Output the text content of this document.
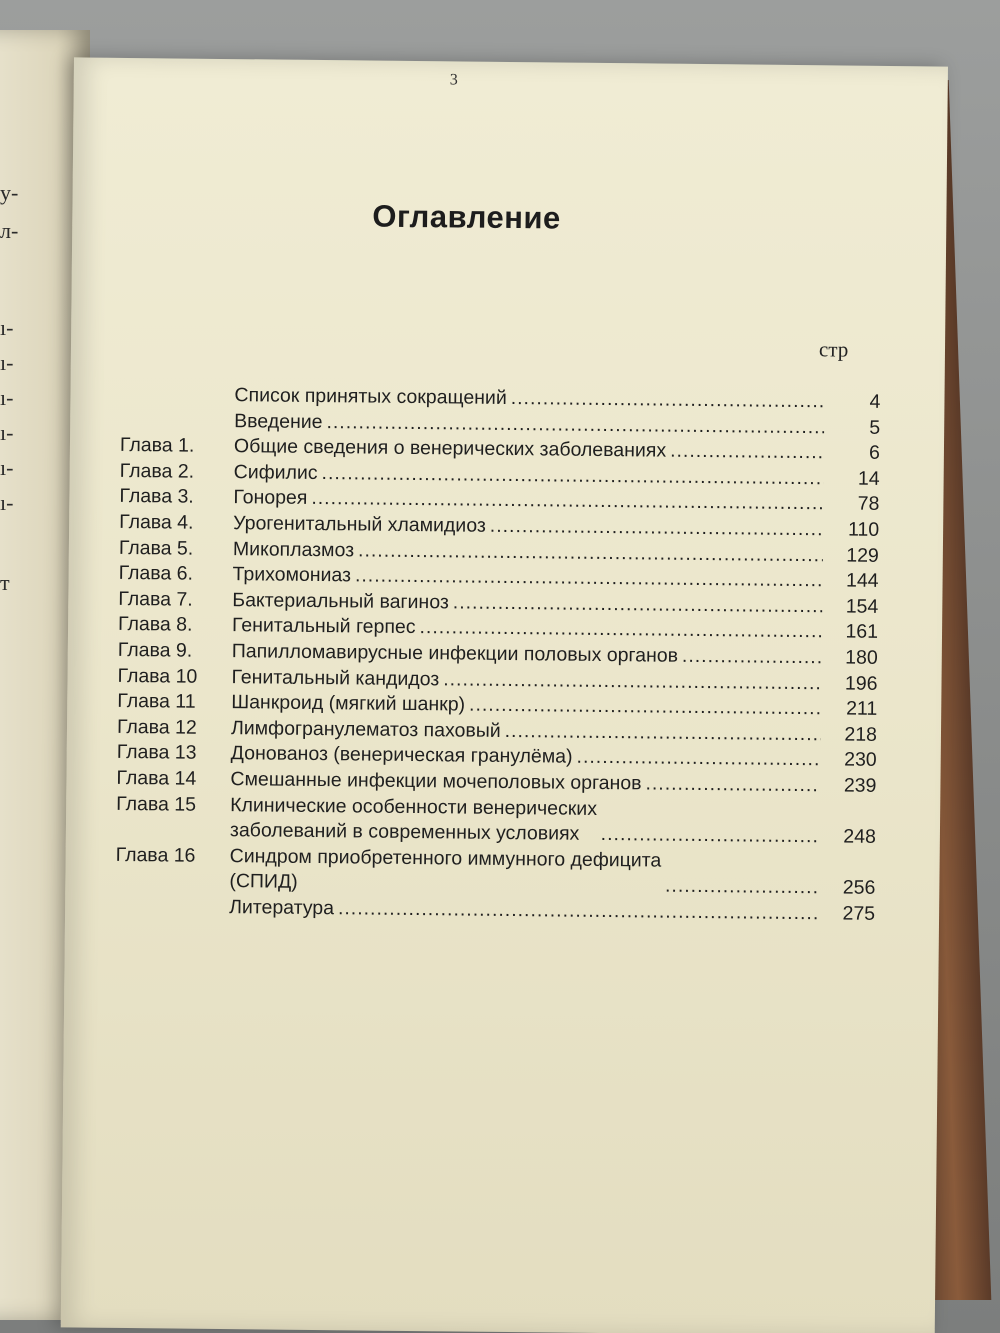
у-
л-
ı-
ı-
ı-
ı-
ı-
ı-
т
3
Оглавление
стр
Список принятых сокращений .....	4
Введение .....	5
Глава 1.	Общие сведения о венерических заболеваниях .....	6
Глава 2.	Сифилис .....	14
Глава 3.	Гонорея .....	78
Глава 4.	Урогенитальный хламидиоз .....	110
Глава 5.	Микоплазмоз .....	129
Глава 6.	Трихомониаз .....	144
Глава 7.	Бактериальный вагиноз .....	154
Глава 8.	Генитальный герпес .....	161
Глава 9.	Папилломавирусные инфекции половых органов .....	180
Глава 10	Генитальный кандидоз .....	196
Глава 11	Шанкроид (мягкий шанкр) .....	211
Глава 12	Лимфогранулематоз паховый .....	218
Глава 13	Донованоз (венерическая гранулёма) .....	230
Глава 14	Смешанные инфекции мочеполовых органов .....	239
Глава 15	Клинические особенности венерических
заболеваний в современных условиях .....	248
Глава 16	Синдром приобретенного иммунного дефицита
(СПИД) .....	256
Литература .....	275
